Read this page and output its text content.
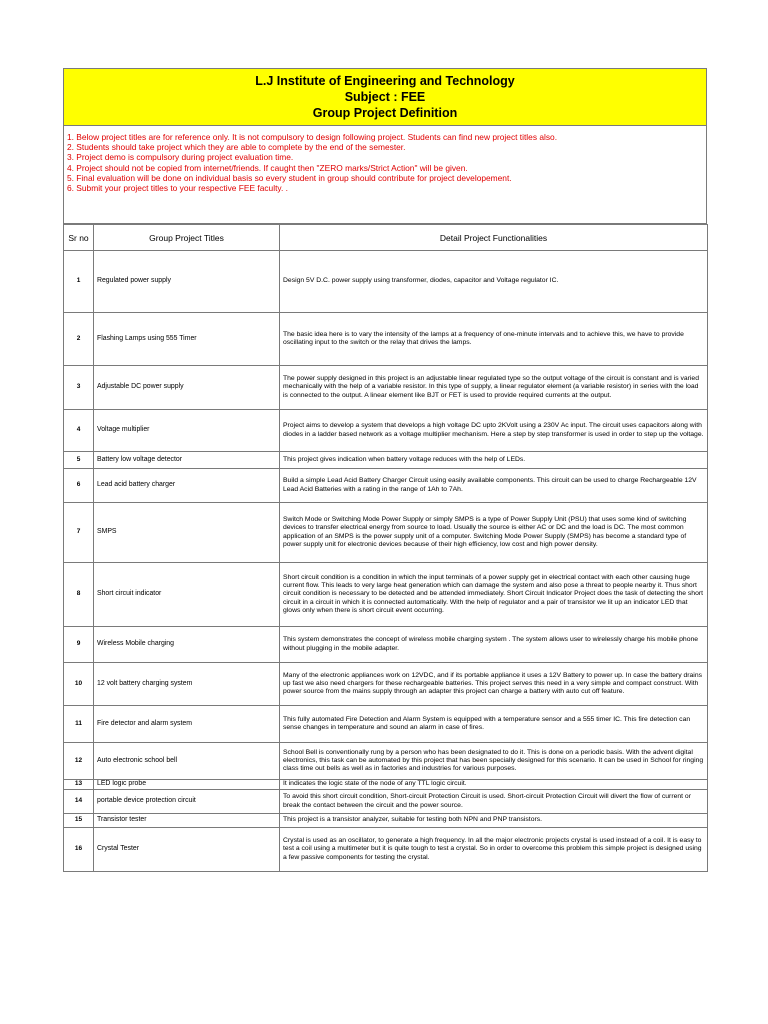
L.J Institute of Engineering and Technology
Subject : FEE
Group Project Definition
1. Below project titles are for reference only. It is not compulsory to design following project. Students can find new project titles also.
2. Students should take project which they are able to complete by the end of the semester.
3. Project demo is compulsory during project evaluation time.
4. Project should not be copied from internet/friends. If caught then "ZERO marks/Strict Action" will be given.
5. Final evaluation will be done on individual basis so every student in group should contribute for project developement.
6. Submit your project titles to your respective FEE faculty. .
Sr no	Group Project Titles	Detail Project Functionalities
1	Regulated power supply	Design 5V D.C. power supply using transformer, diodes, capacitor and Voltage regulator IC.
2	Flashing Lamps using 555 Timer	The basic idea here is to vary the intensity of the lamps at a frequency of one-minute intervals and to achieve this, we have to provide oscillating input to the switch or the relay that drives the lamps.
3	Adjustable DC power supply	The power supply designed in this project is an adjustable linear regulated type so the output voltage of the circuit is constant and is varied mechanically with the help of a variable resistor. In this type of supply, a linear regulator element (a variable resistor) in series with the load is connected to the output. A linear element like BJT or FET is used to provide required currents at the output.
4	Voltage multiplier	Project aims to develop a system that develops a high voltage DC upto 2KVolt using a 230V Ac input. The circuit uses capacitors along with diodes in a ladder based network as a voltage multiplier mechanism. Here a step by step transformer is used in order to step up the voltage.
5	Battery low voltage detector	This project gives indication when battery voltage reduces with the help of LEDs.
6	Lead acid battery charger	Build a simple Lead Acid Battery Charger Circuit using easily available components. This circuit can be used to charge Rechargeable 12V Lead Acid Batteries with a rating in the range of 1Ah to 7Ah.
7	SMPS	Switch Mode or Switching Mode Power Supply or simply SMPS is a type of Power Supply Unit (PSU) that uses some kind of switching devices to transfer electrical energy from source to load. Usually the source is either AC or DC and the load is DC. The most common application of an SMPS is the power supply unit of a computer. Switching Mode Power Supply (SMPS) has become a standard type of power supply unit for electronic devices because of their high efficiency, low cost and high power density.
8	Short circuit indicator	Short circuit condition is a condition in which the input terminals of a power supply get in electrical contact with each other causing huge current flow. This leads to very large heat generation which can damage the system and also pose a threat to people nearby it. Thus short circuit condition is necessary to be detected and be attended immediately. Short Circuit Indicator Project does the task of detecting the short circuit in a circuit in which it is connected automatically. With the help of regulator and a pair of transistor we lit up an indicator LED that glows only when there is short circuit event occurring.
9	Wireless Mobile charging	This system demonstrates the concept of wireless mobile charging system . The system allows user to wirelessly charge his mobile phone without plugging in the mobile adapter.
10	12 volt battery charging system	Many of the electronic appliances work on 12VDC, and if its portable appliance it uses a 12V Battery to power up. In case the battery drains up fast we also need chargers for these rechargeable batteries. This project serves this need in a very simple and compact construct. With power source from the mains supply through an adapter this project can charge a battery with auto cut off feature.
11	Fire detector and alarm system	This fully automated Fire Detection and Alarm System is equipped with a temperature sensor and a 555 timer IC. This fire detection can sense changes in temperature and sound an alarm in case of fires.
12	Auto electronic school bell	School Bell is conventionally rung by a person who has been designated to do it. This is done on a periodic basis. With the advent digital electronics, this task can be automated by this project that has been specially designed for this scenario. It can be used in School for ringing class time out bells as well as in factories and industries for various purposes.
13	LED logic probe	It indicates the logic state of the node of any TTL logic circuit.
14	portable device protection circuit	To avoid this short circuit condition, Short-circuit Protection Circuit is used. Short-circuit Protection Circuit will divert the flow of current or break the contact between the circuit and the power source.
15	Transistor tester	This project is a transistor analyzer, suitable for testing both NPN and PNP transistors.
16	Crystal Tester	Crystal is used as an oscillator, to generate a high frequency. In all the major electronic projects crystal is used instead of a coil. It is easy to test a coil using a multimeter but it is quite tough to test a crystal. So in order to overcome this problem this simple project is designed using a few passive components for testing the crystal.
